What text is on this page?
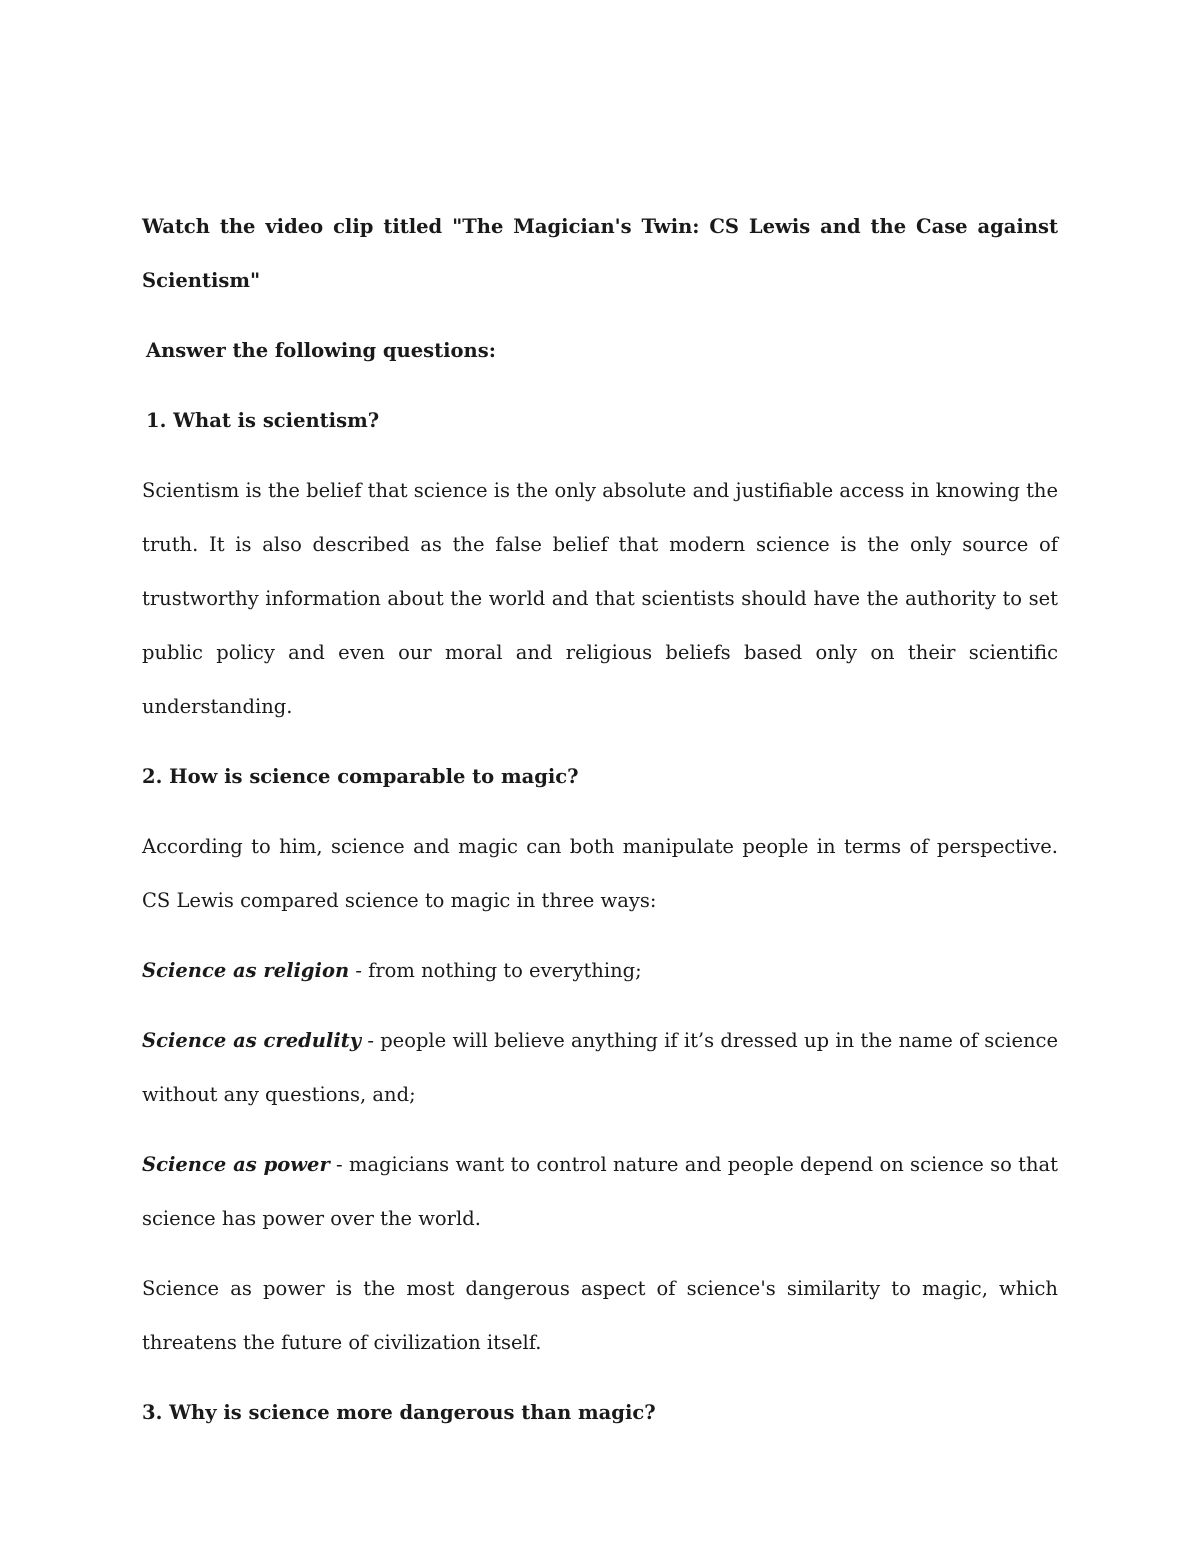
Watch the video clip titled "The Magician's Twin: CS Lewis and the Case against Scientism"

Answer the following questions:

1. What is scientism?

Scientism is the belief that science is the only absolute and justifiable access in knowing the truth. It is also described as the false belief that modern science is the only source of trustworthy information about the world and that scientists should have the authority to set public policy and even our moral and religious beliefs based only on their scientific understanding.

2. How is science comparable to magic?

According to him, science and magic can both manipulate people in terms of perspective. CS Lewis compared science to magic in three ways:

Science as religion - from nothing to everything;

Science as credulity - people will believe anything if it’s dressed up in the name of science without any questions, and;

Science as power - magicians want to control nature and people depend on science so that science has power over the world.

Science as power is the most dangerous aspect of science's similarity to magic, which threatens the future of civilization itself.

3. Why is science more dangerous than magic?
